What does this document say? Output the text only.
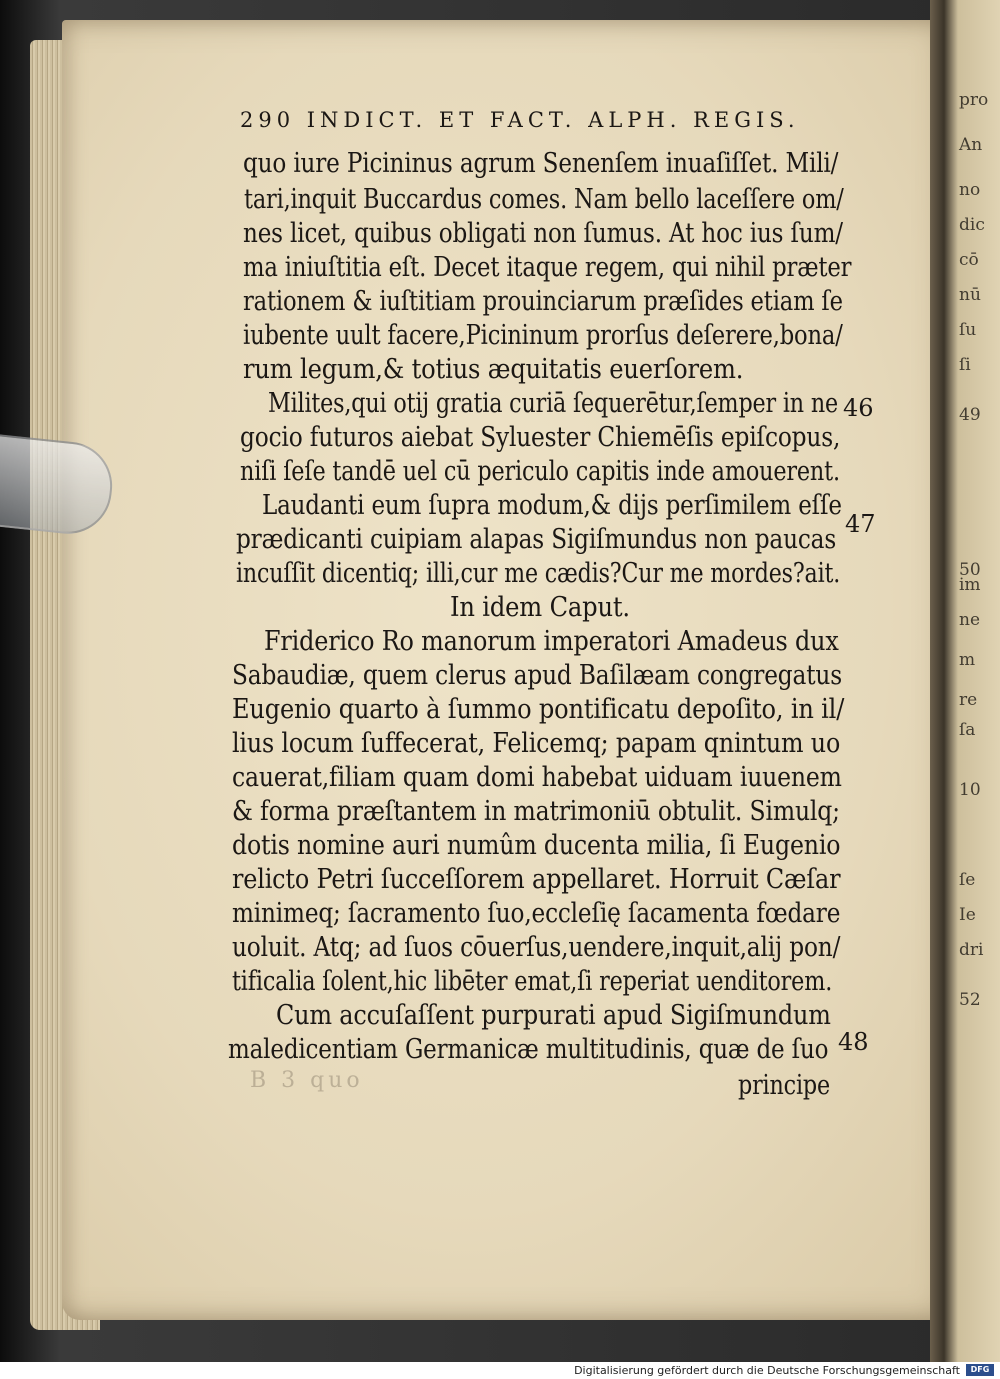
pro
An
no
dic
cō
nū
ſu
ſi
49
50
im
ne
m
re
ſa
10
ſe
Ie
dri
52
290 INDICT. ET FACT. ALPH. REGIS.
quo iure Picininus agrum Senenſem inuaſiſſet. Mili/
tari,inquit Buccardus comes. Nam bello laceſſere om/
nes licet, quibus obligati non ſumus. At hoc ius ſum/
ma iniuſtitia eſt. Decet itaque regem, qui nihil præter
rationem & iuſtitiam prouinciarum præſides etiam ſe
iubente uult facere,Picininum prorſus deſerere,bona/
rum legum,& totius æquitatis euerſorem.
Milites,qui otij gratia curiā ſequerētur,ſemper in ne
gocio futuros aiebat Syluester Chiemēſis epiſcopus,
niſi ſeſe tandē uel cū periculo capitis inde amouerent.
Laudanti eum ſupra modum,& dijs perſimilem eſſe
prædicanti cuipiam alapas Sigiſmundus non paucas
incuſſit dicentiq; illi,cur me cædis?Cur me mordes?ait.
In idem Caput.
Friderico Ro manorum imperatori Amadeus dux
Sabaudiæ, quem clerus apud Baſilæam congregatus
Eugenio quarto à ſummo pontificatu depoſito, in il/
lius locum ſuffecerat, Felicemq; papam qnintum uo
cauerat,filiam quam domi habebat uiduam iuuenem
& forma præſtantem in matrimoniū obtulit. Simulq;
dotis nomine auri numûm ducenta milia, ſi Eugenio
relicto Petri ſucceſſorem appellaret. Horruit Cæſar
minimeq; ſacramento ſuo,eccleſię ſacamenta fœdare
uoluit. Atq; ad ſuos cōuerſus,uendere,inquit,alij pon/
tificalia ſolent,hic libēter emat,ſi reperiat uenditorem.
Cum accuſaſſent purpurati apud Sigiſmundum
maledicentiam Germanicæ multitudinis, quæ de ſuo
principe
46
47
48
B 3 quo
Digitalisierung gefördert durch die Deutsche Forschungsgemeinschaft	DFG
